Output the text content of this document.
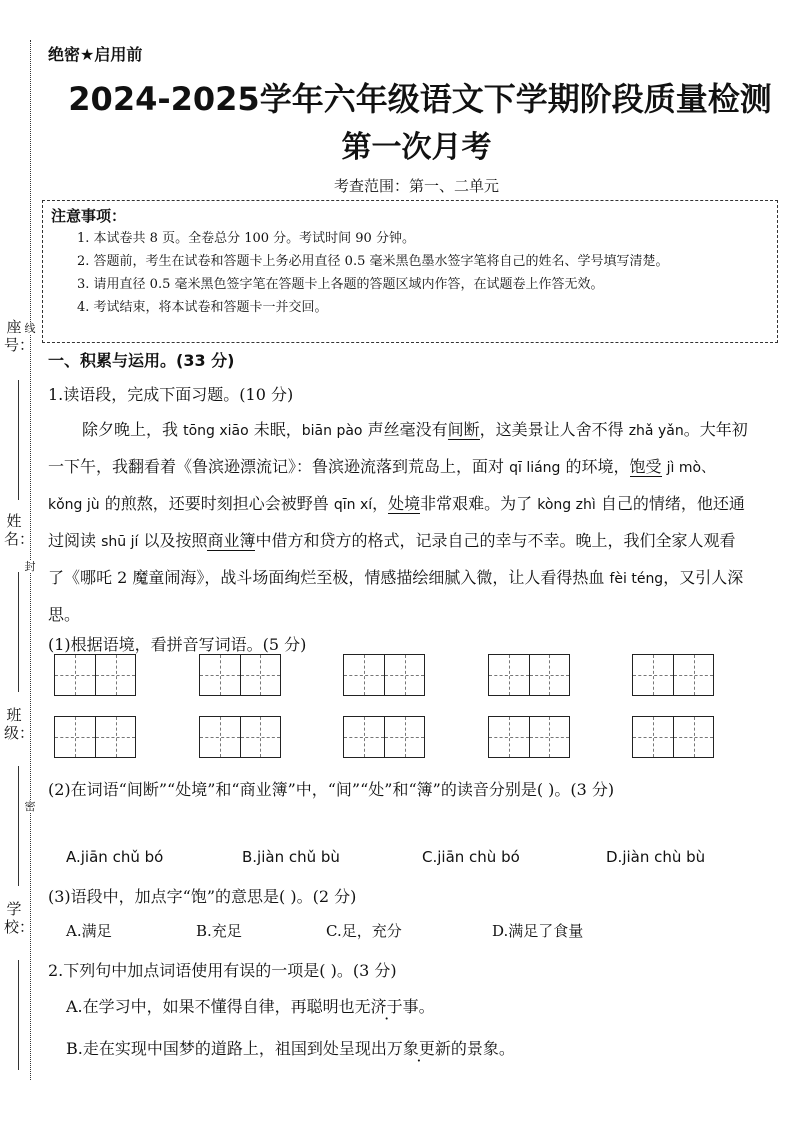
座号：
姓名：
班级：
学校：
线
封
密
绝密★启用前
2024-2025学年六年级语文下学期阶段质量检测
第一次月考
考查范围：第一、二单元
注意事项：
1. 本试卷共 8 页。全卷总分 100 分。考试时间 90 分钟。
2. 答题前，考生在试卷和答题卡上务必用直径 0.5 毫米黑色墨水签字笔将自己的姓名、学号填写清楚。
3. 请用直径 0.5 毫米黑色签字笔在答题卡上各题的答题区域内作答，在试题卷上作答无效。
4. 考试结束，将本试卷和答题卡一并交回。
一、积累与运用。(33 分)
1.读语段，完成下面习题。(10 分)
除夕晚上，我 tōng xiāo 未眠，biān pào 声丝毫没有间断，这美景让人舍不得 zhǎ yǎn。大年初一下午，我翻看着《鲁滨逊漂流记》：鲁滨逊流落到荒岛上，面对 qī liáng 的环境，饱受 jì mò、kǒng jù 的煎熬，还要时刻担心会被野兽 qīn xí，处境非常艰难。为了 kòng zhì 自己的情绪，他还通过阅读 shū jí 以及按照商业簿中借方和贷方的格式，记录自己的幸与不幸。晚上，我们全家人观看了《哪吒 2 魔童闹海》，战斗场面绚烂至极，情感描绘细腻入微，让人看得热血 fèi téng，又引人深思。
(1)根据语境，看拼音写词语。(5 分)
(2)在词语“间断”“处境”和“商业簿”中，“间”“处”和“簿”的读音分别是( )。(3 分)
A.jiān chǔ bó	B.jiàn chǔ bù	C.jiān chù bó	D.jiàn chù bù
(3)语段中，加点字“饱”的意思是( )。(2 分)
A.满足	B.充足	C.足，充分	D.满足了食量
2.下列句中加点词语使用有误的一项是( )。(3 分)
A.在学习中，如果不懂得自律，再聪明也无济于事。
B.走在实现中国梦的道路上，祖国到处呈现出万象更新的景象。
